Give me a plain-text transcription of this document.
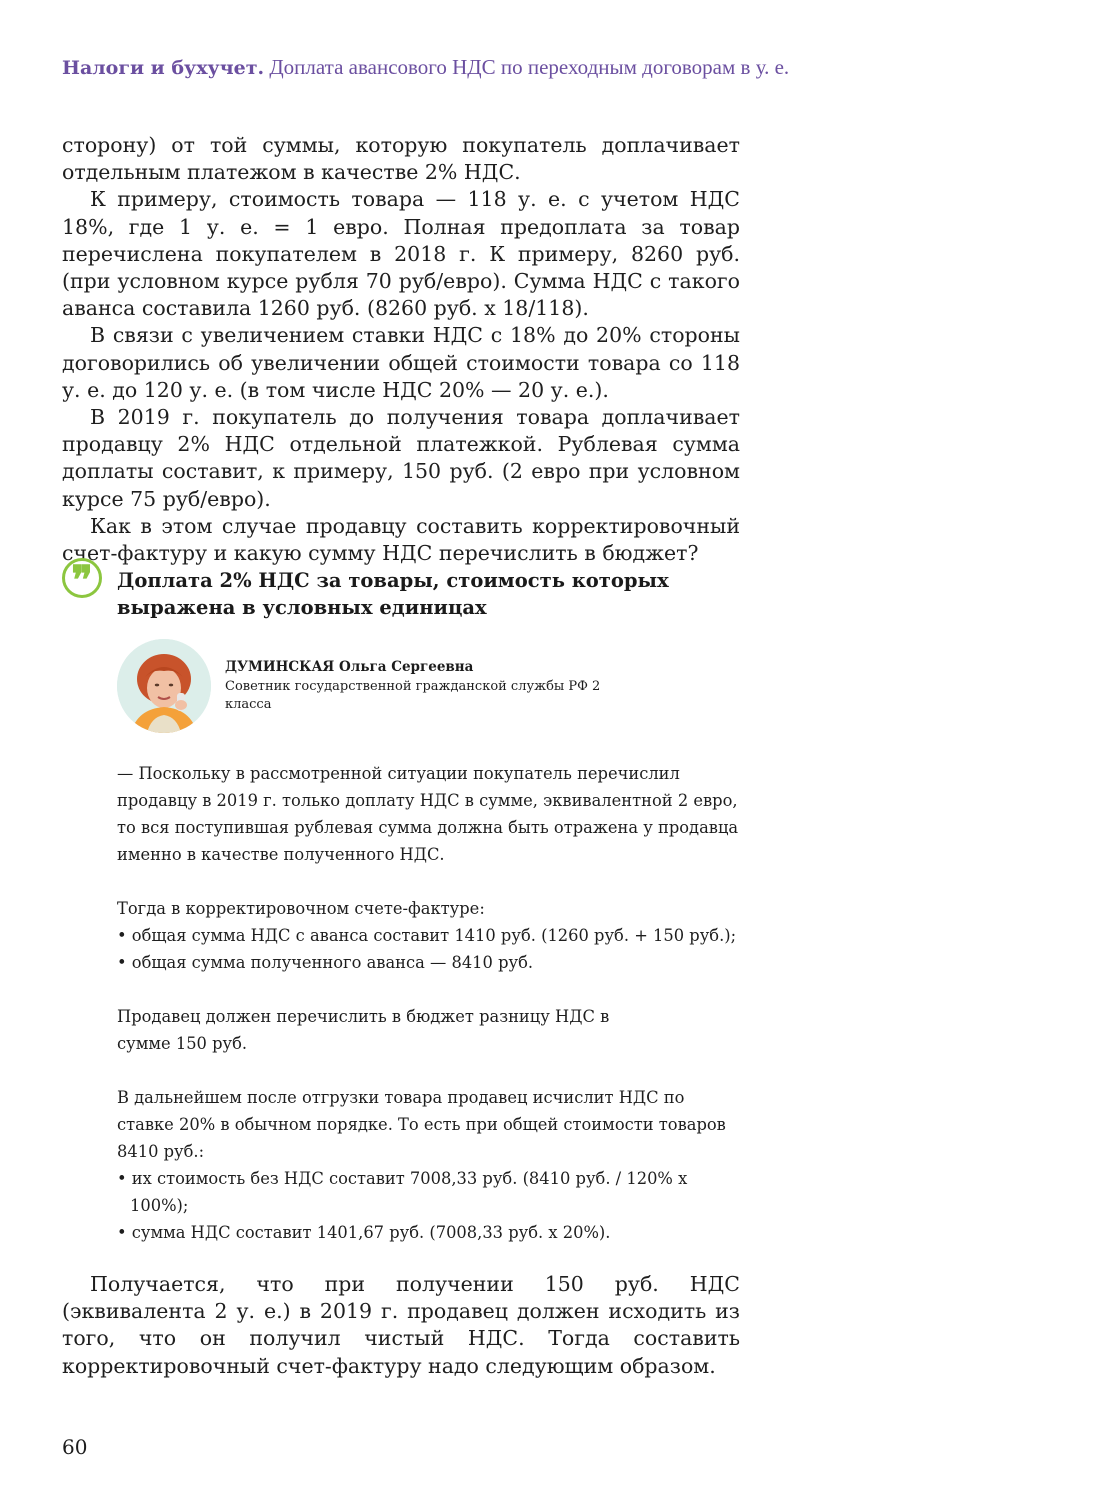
Налоги и бухучет. Доплата авансового НДС по переходным договорам в у. е.

сторону) от той суммы, которую покупатель доплачивает отдельным платежом в качестве 2% НДС.

К примеру, стоимость товара — 118 у. е. с учетом НДС 18%, где 1 у. е. = 1 евро. Полная предоплата за товар перечислена покупателем в 2018 г. К примеру, 8260 руб. (при условном курсе рубля 70 руб/евро). Сумма НДС с такого аванса составила 1260 руб. (8260 руб. х 18/118).

В связи с увеличением ставки НДС с 18% до 20% стороны договорились об увеличении общей стоимости товара со 118 у. е. до 120 у. е. (в том числе НДС 20% — 20 у. е.).

В 2019 г. покупатель до получения товара доплачивает продавцу 2% НДС отдельной платежкой. Рублевая сумма доплаты составит, к примеру, 150 руб. (2 евро при условном курсе 75 руб/евро).

Как в этом случае продавцу составить корректировочный счет-фактуру и какую сумму НДС перечислить в бюджет?

❞	Доплата 2% НДС за товары, стоимость которых выражена в условных единицах
ДУМИНСКАЯ Ольга Сергеевна
Советник государственной гражданской службы РФ 2 класса

— Поскольку в рассмотренной ситуации покупатель перечислил продавцу в 2019 г. только доплату НДС в сумме, эквивалентной 2 евро, то вся поступившая рублевая сумма должна быть отражена у продавца именно в качестве полученного НДС.

Тогда в корректировочном счете-фактуре:

• общая сумма НДС с аванса составит 1410 руб. (1260 руб. + 150 руб.);

• общая сумма полученного аванса — 8410 руб.

Продавец должен перечислить в бюджет разницу НДС в сумме 150 руб.

В дальнейшем после отгрузки товара продавец исчислит НДС по ставке 20% в обычном порядке. То есть при общей стоимости товаров 8410 руб.:

• их стоимость без НДС составит 7008,33 руб. (8410 руб. / 120% х 100%);

• сумма НДС составит 1401,67 руб. (7008,33 руб. х 20%).

Получается, что при получении 150 руб. НДС (эквивалента 2 у. е.) в 2019 г. продавец должен исходить из того, что он получил чистый НДС. Тогда составить корректировочный счет-фактуру надо следующим образом.

60
